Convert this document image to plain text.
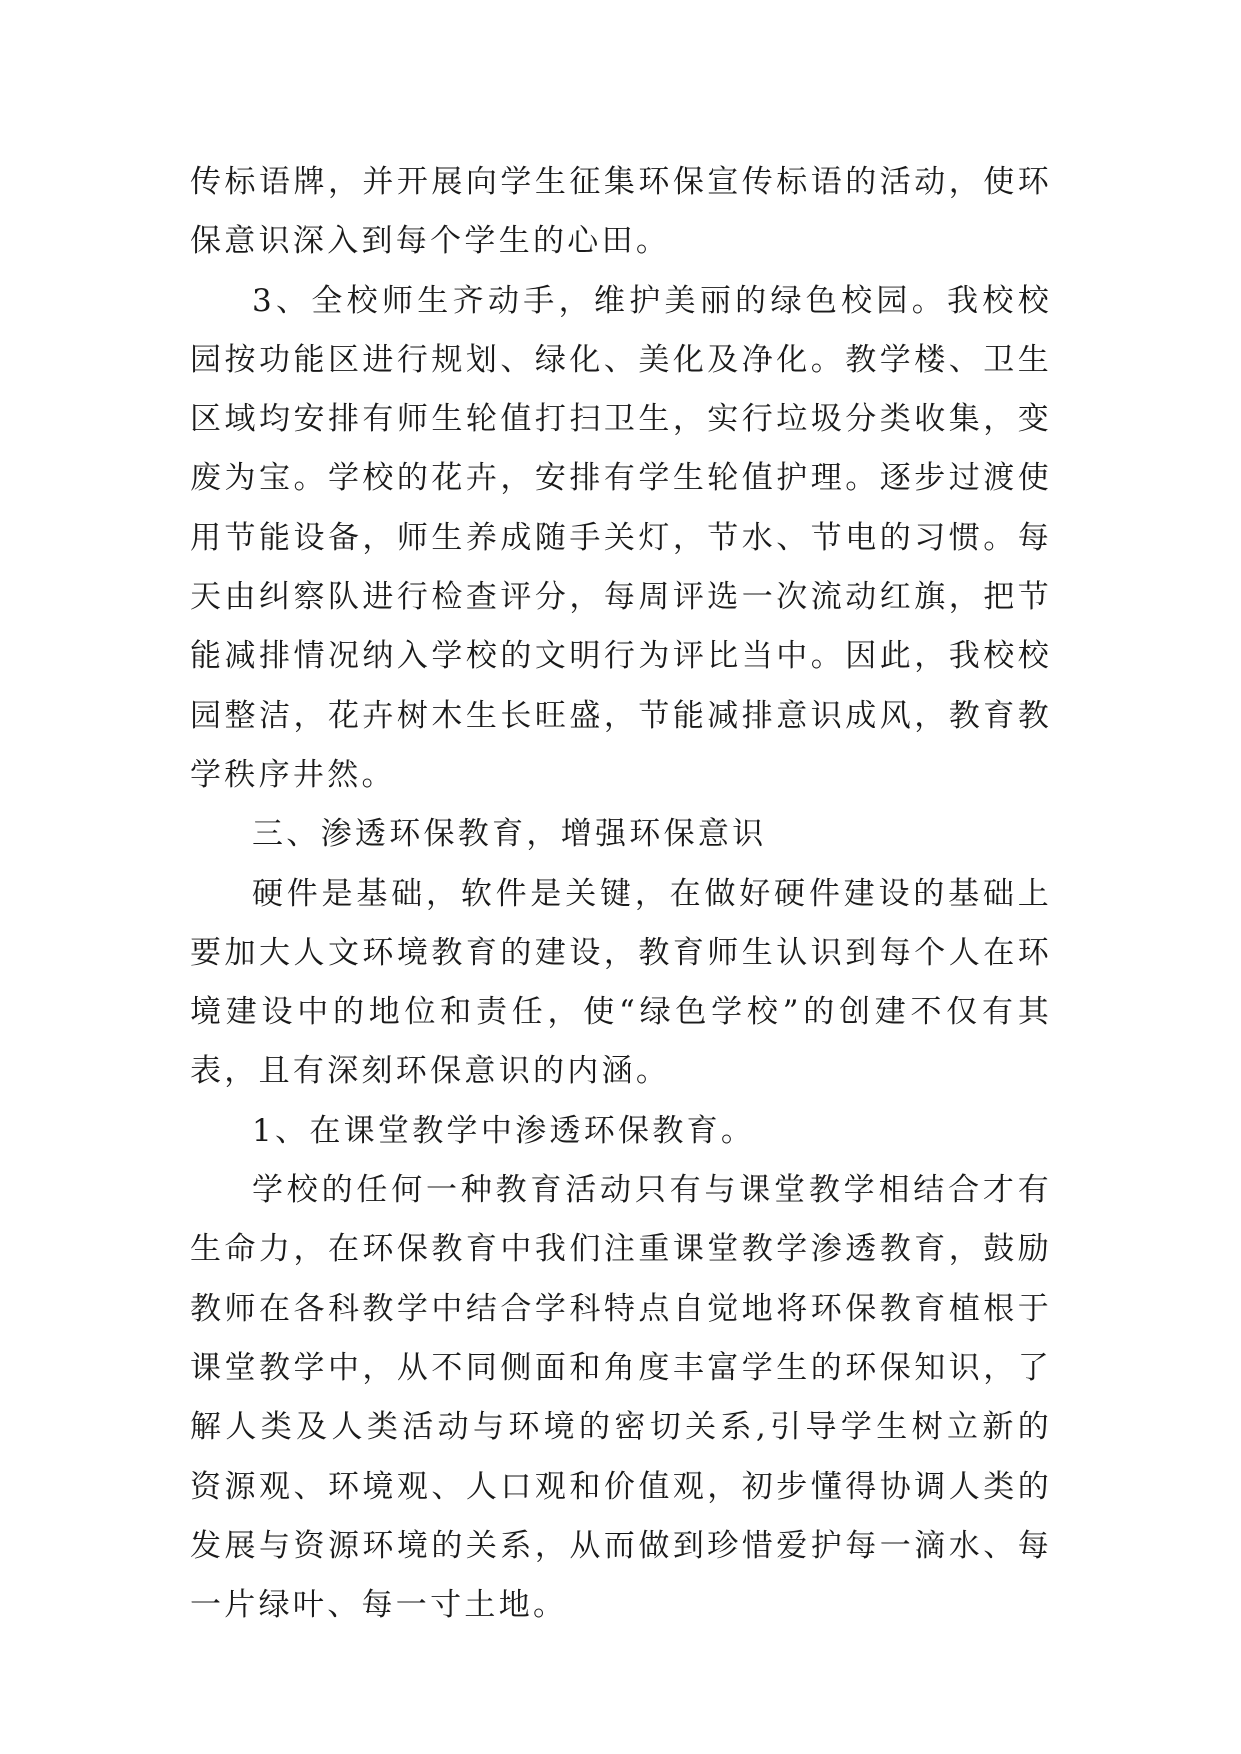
传标语牌，并开展向学生征集环保宣传标语的活动，使环保意识深入到每个学生的心田。

3、全校师生齐动手，维护美丽的绿色校园。我校校园按功能区进行规划、绿化、美化及净化。教学楼、卫生区域均安排有师生轮值打扫卫生，实行垃圾分类收集，变废为宝。学校的花卉，安排有学生轮值护理。逐步过渡使用节能设备，师生养成随手关灯，节水、节电的习惯。每天由纠察队进行检查评分，每周评选一次流动红旗，把节能减排情况纳入学校的文明行为评比当中。因此，我校校园整洁，花卉树木生长旺盛，节能减排意识成风，教育教学秩序井然。

三、渗透环保教育，增强环保意识

硬件是基础，软件是关键，在做好硬件建设的基础上要加大人文环境教育的建设，教育师生认识到每个人在环境建设中的地位和责任，使“绿色学校”的创建不仅有其表，且有深刻环保意识的内涵。

1、在课堂教学中渗透环保教育。

学校的任何一种教育活动只有与课堂教学相结合才有生命力，在环保教育中我们注重课堂教学渗透教育，鼓励教师在各科教学中结合学科特点自觉地将环保教育植根于课堂教学中，从不同侧面和角度丰富学生的环保知识，了解人类及人类活动与环境的密切关系,引导学生树立新的资源观、环境观、人口观和价值观，初步懂得协调人类的发展与资源环境的关系，从而做到珍惜爱护每一滴水、每一片绿叶、每一寸土地。
